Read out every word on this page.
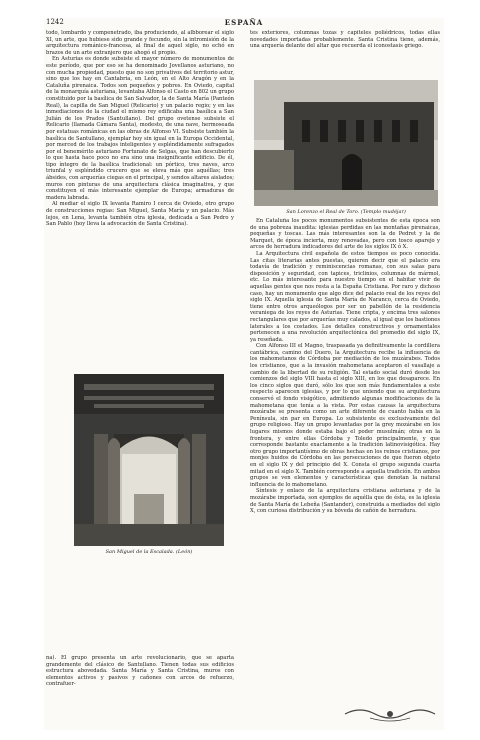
1242	ESPAÑA

todo, lombardo y compenetrado, iba produciendo, al albborear el siglo XI, un arte, que hubiese sido grande y fecundo, sin la intromisión de la arquitectura románico-francesa, al final de aquel siglo, no echó en brazos de un arte extranjero que ahogó el propio.

En Asturias es donde subsiste el mayor número de monumentos de este período, que por eso se ha denominado Jovellanos asturiano, no con mucha propiedad, puesto que no son privativos del territorio astur, sino que los hay en Cantabria, en León, en el Alto Aragón y en la Cataluña pirenaica. Todos son pequeños y pobres. En Oviedo, capital de la monarquía asturiana, levantaba Alfonso el Casto en 802 un grupo constituido por la basílica de San Salvador, la de Santa María (Panteón Real), la capilla de San Miguel (Relicario) y un palacio regio; y en las inmediaciones de la ciudad el mismo rey edificaba una basílica a San Julián de los Prados (Santullano). Del grupo ovetense subsiste el Relicario (llamada Cámara Santa), modesto, de una nave, hermoseada por estatuas románicas en las obras de Alfonso VI. Subsiste también la basílica de Santullano, ejemplar hoy sin igual en la Europa Occidental, por merced de los trabajos inteligentes y espléndidamente sufragados por el benemérito asturiano Fortunato de Selgas, que han descubierto lo que hasta hace poco no era sino una insignificante edificio. De él, tipo íntegro de la basílica tradicional: un pórtico, tres naves, arco triunfal y espléndido crucero que se eleva más que aquéllas; tres ábsides, con arquerías ciegas en el principal, y sendos altares aislados; muros con pinturas de una arquitectura clásica imaginativa, y que constituyen el más interesante ejemplar de Europa; armaduras de madera labrada.

Al mediar el siglo IX levanta Ramiro I cerca de Oviedo, otro grupo de construcciones regias: San Miguel, Santa María y un palacio. Más lejos, en Lena, levanta también otra iglesia, dedicada a San Pedro y San Pablo (hoy lleva la advocación de Santa Cristina).

San Miguel de la Escalada. (León)
na). El grupo presenta un arte revolucionario, que se aparta grandemente del clásico de Santullano. Tienen todas sus edificios estructura abovedada. Santa María y Santa Cristina, muros con elementos activos y pasivos y cañones con arcos de refuerzo, contrafuer-

tes exteriores, columnas tozas y capiteles poliédricos, todas ellas novedades importadas probablemente. Santa Cristina tiene, además, una arquería delante del altar que recuerda el iconostasis griego.

San Lorenzo el Real de Toro. (Templo mudéjar)

En Cataluña los pocos monumentos subsistentes de esta época son de una pobreza inaudita: iglesias perdidas en las montañas pirenaicas, pequeñas y toscas. Las más interesantes son la de Pedret y la de Marquet, de época incierta, muy renovadas, pero con tosco aparejo y arcos de herradura indicadores del arte de los siglos IX ó X.

La Arquitectura civil española de estos tiempos es poco conocida. Las citas literarias antes puestas, quieren decir que el palacio era todavía de tradición y reminiscencias romanas, con sus salas para disposición y seguridad, con tapices, triclinios, columnas de mármol, etc. Lo más interesante para nuestro tiempo en el habitar vivir de aquellas gentes que nos resta a la España Cristiana. Por raro y dichoso caso, hay un monumento que algo dice del palacio real de los reyes del siglo IX. Aquella iglesia de Santa María de Naranco, cerca de Oviedo, tiene entre otros arqueólogos por ser un pabellón de la residencia veraniega de los reyes de Asturias. Tiene cripta, y encima tres salones rectangulares que por arquerías muy calados, al igual que los bastiones laterales a los costados. Los detalles constructivos y ornamentales pertenecen a una revolución arquitectónica del promedio del siglo IX, ya reseñada.

Con Alfonso III el Magno, traspasada ya definitivamente la cordillera cantábrica, camino del Duero, la Arquitectura recibe la influencia de los mahometanos de Córdoba por mediación de los muzárabes. Todos los cristianos, que a la invasión mahometana aceptaron el vasallaje a cambio de la libertad de su religión. Tal estado social duró desde los comienzos del siglo VIII hasta el siglo XIII, en los que desaparece. En los cinco siglos que duró, sólo los que son más fundamentales a este respecto aparecen iglesias, y por lo que uniendo que su arquitectura conservó el fondo visigótico, admitiendo algunas modificaciones de la mahometana que tenía a la vista. Por estas causas la arquitectura mozárabe se presenta como un arte diferente de cuanto había en la Península, sin par en Europa. Lo subsistente es exclusivamente del grupo religioso. Hay un grupo levantadas por la grey mozárabe en los lugares mismos donde estaba bajo el poder musulmán; otras en la frontera, y entre ellas Córdoba y Toledo principalmente, y que corresponde bastante exactamente a la tradición latinovisigótica. Hay otro grupo importantísimo de obras hechas en los reinos cristianos, por monjes huidos de Córdoba en las persecuciones de que fueron objeto en el siglo IX y del principio del X. Consta el grupo segunda cuarta mitad en el siglo X. También corresponde a aquella tradición. En ambos grupos se ven elementos y características que denotan la natural influencia de lo mahometano.

Síntesis y enlace de la arquitectura cristiana asturiana y de la mozárabe importada, son ejemplos de aquélla que de ésta, es la iglesia de Santa María de Lebeña (Santander), construida a mediados del siglo X, con curiosa distribución y su bóveda de cañón de herradura.
